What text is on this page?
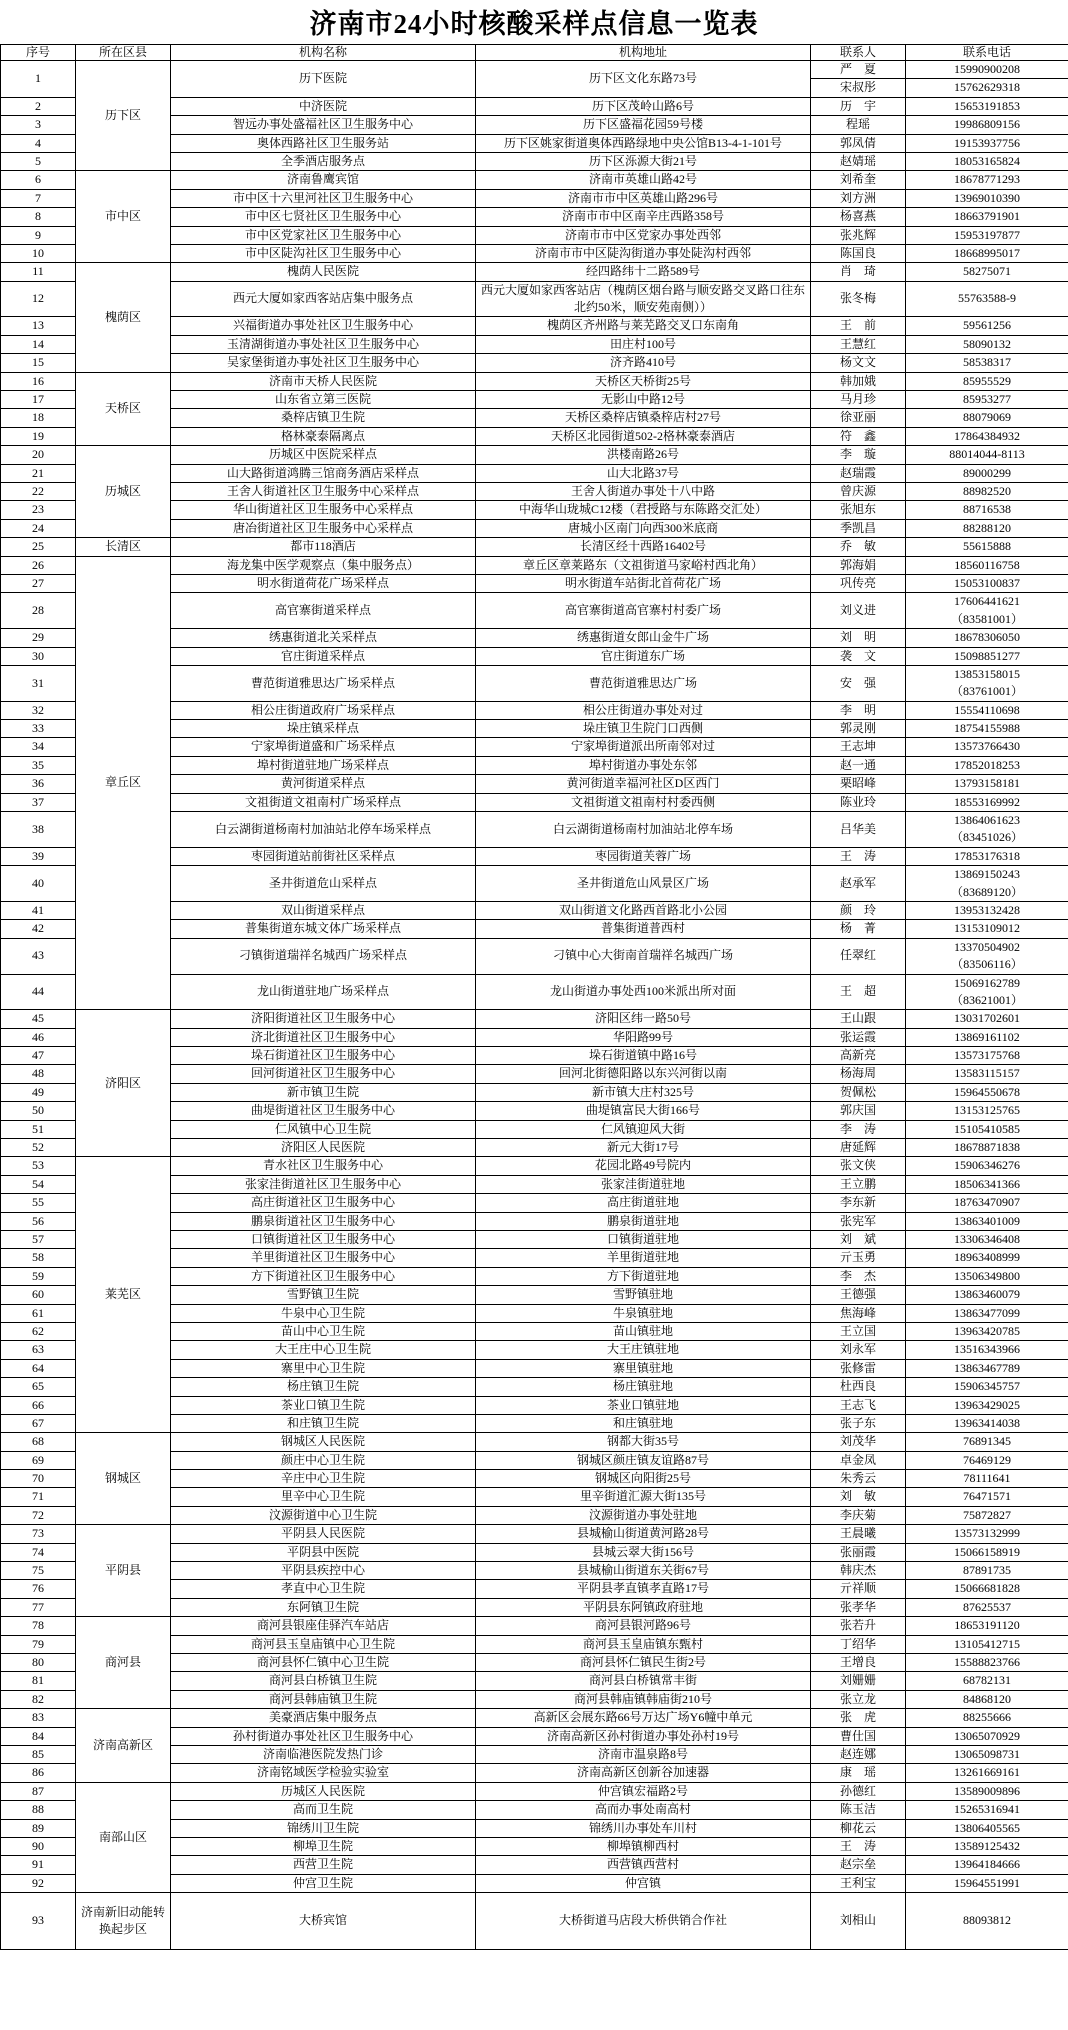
济南市24小时核酸采样点信息一览表
序号	所在区县	机构名称	机构地址	联系人	联系电话
1	历下区	历下医院	历下区文化东路73号	严　夏	15990900208

				宋叔彤	15762629318

2		中济医院	历下区茂岭山路6号	历　宇	15653191853

3		智远办事处盛福社区卫生服务中心	历下区盛福花园59号楼	程瑶	19986809156

4		奥体西路社区卫生服务站	历下区姚家街道奥体西路绿地中央公馆B13-4-1-101号	郭凤倩	19153937756

5		全季酒店服务点	历下区泺源大街21号	赵婧瑶	18053165824

6	市中区	济南鲁鹰宾馆	济南市英雄山路42号	刘希奎	18678771293

7		市中区十六里河社区卫生服务中心	济南市市中区英雄山路296号	刘方洲	13969010390

8		市中区七贤社区卫生服务中心	济南市市中区南辛庄西路358号	杨喜燕	18663791901

9		市中区党家社区卫生服务中心	济南市市中区党家办事处西邻	张兆辉	15953197877

10		市中区陡沟社区卫生服务中心	济南市市中区陡沟街道办事处陡沟村西邻	陈国良	18668995017

11	槐荫区	槐荫人民医院	经四路纬十二路589号	肖　琦	58275071

12		西元大厦如家西客站店集中服务点	西元大厦如家西客站店（槐荫区烟台路与顺安路交叉路口往东北约50米，顺安苑南侧））	张冬梅	55763588-9

13		兴福街道办事处社区卫生服务中心	槐荫区齐州路与莱芜路交叉口东南角	王　前	59561256

14		玉清湖街道办事处社区卫生服务中心	田庄村100号	王慧红	58090132

15		吴家堡街道办事处社区卫生服务中心	济齐路410号	杨文文	58538317

16	天桥区	济南市天桥人民医院	天桥区天桥街25号	韩加娥	85955529

17		山东省立第三医院	无影山中路12号	马月珍	85953277

18		桑梓店镇卫生院	天桥区桑梓店镇桑梓店村27号	徐亚丽	88079069

19		格林豪泰隔离点	天桥区北园街道502-2格林豪泰酒店	符　鑫	17864384932

20	历城区	历城区中医院采样点	洪楼南路26号	李　璇	88014044-8113

21		山大路街道鸿腾三馆商务酒店采样点	山大北路37号	赵瑞霞	89000299

22		王舍人街道社区卫生服务中心采样点	王舍人街道办事处十八中路	曾庆源	88982520

23		华山街道社区卫生服务中心采样点	中海华山珑城C12楼（君授路与东陈路交汇处）	张旭东	88716538

24		唐冶街道社区卫生服务中心采样点	唐城小区南门向西300米底商	季凯昌	88288120

25	长清区	都市118酒店	长清区经十西路16402号	乔　敏	55615888

26	章丘区	海龙集中医学观察点（集中服务点）	章丘区章莱路东（文祖街道马家峪村西北角）	郭海娟	18560116758

27		明水街道荷花广场采样点	明水街道车站街北首荷花广场	巩传亮	15053100837

28		高官寨街道采样点	高官寨街道高官寨村村委广场	刘义进	17606441621
（83581001）

29		绣惠街道北关采样点	绣惠街道女郎山金牛广场	刘　明	18678306050

30		官庄街道采样点	官庄街道东广场	袭　文	15098851277

31		曹范街道雅思达广场采样点	曹范街道雅思达广场	安　强	13853158015
（83761001）

32		相公庄街道政府广场采样点	相公庄街道办事处对过	李　明	15554110698

33		垛庄镇采样点	垛庄镇卫生院门口西侧	郭灵刚	18754155988

34		宁家埠街道盛和广场采样点	宁家埠街道派出所南邻对过	王志坤	13573766430

35		埠村街道驻地广场采样点	埠村街道办事处东邻	赵一通	17852018253

36		黄河街道采样点	黄河街道幸福河社区D区西门	栗昭峰	13793158181

37		文祖街道文祖南村广场采样点	文祖街道文祖南村村委西侧	陈业玲	18553169992

38		白云湖街道杨南村加油站北停车场采样点	白云湖街道杨南村加油站北停车场	吕华美	13864061623
（83451026）

39		枣园街道站前街社区采样点	枣园街道芙蓉广场	王　涛	17853176318

40		圣井街道危山采样点	圣井街道危山风景区广场	赵承军	13869150243
（83689120）

41		双山街道采样点	双山街道文化路西首路北小公园	颜　玲	13953132428

42		普集街道东城文体广场采样点	普集街道普西村	杨　菁	13153109012

43		刁镇街道瑞祥名城西广场采样点	刁镇中心大街南首瑞祥名城西广场	任翠红	13370504902
（83506116）

44		龙山街道驻地广场采样点	龙山街道办事处西100米派出所对面	王　超	15069162789
（83621001）

45	济阳区	济阳街道社区卫生服务中心	济阳区纬一路50号	王山跟	13031702601

46		济北街道社区卫生服务中心	华阳路99号	张运霞	13869161102

47		垛石街道社区卫生服务中心	垛石街道镇中路16号	高新亮	13573175768

48		回河街道社区卫生服务中心	回河北街德阳路以东兴河街以南	杨海周	13583115157

49		新市镇卫生院	新市镇大庄村325号	贺佩松	15964550678

50		曲堤街道社区卫生服务中心	曲堤镇富民大街166号	郭庆国	13153125765

51		仁风镇中心卫生院	仁风镇迎风大街	李　涛	15105410585

52		济阳区人民医院	新元大街17号	唐延辉	18678871838

53	莱芜区	青水社区卫生服务中心	花园北路49号院内	张文侠	15906346276

54		张家洼街道社区卫生服务中心	张家洼街道驻地	王立鹏	18506341366

55		高庄街道社区卫生服务中心	高庄街道驻地	李东新	18763470907

56		鹏泉街道社区卫生服务中心	鹏泉街道驻地	张宪军	13863401009

57		口镇街道社区卫生服务中心	口镇街道驻地	刘　斌	13306346408

58		羊里街道社区卫生服务中心	羊里街道驻地	亓玉勇	18963408999

59		方下街道社区卫生服务中心	方下街道驻地	李　杰	13506349800

60		雪野镇卫生院	雪野镇驻地	王德强	13863460079

61		牛泉中心卫生院	牛泉镇驻地	焦海峰	13863477099

62		苗山中心卫生院	苗山镇驻地	王立国	13963420785

63		大王庄中心卫生院	大王庄镇驻地	刘永军	13516343966

64		寨里中心卫生院	寨里镇驻地	张修雷	13863467789

65		杨庄镇卫生院	杨庄镇驻地	杜西良	15906345757

66		茶业口镇卫生院	茶业口镇驻地	王志飞	13963429025

67		和庄镇卫生院	和庄镇驻地	张子东	13963414038

68	钢城区	钢城区人民医院	钢都大街35号	刘茂华	76891345

69		颜庄中心卫生院	钢城区颜庄镇友谊路87号	卓金凤	76469129

70		辛庄中心卫生院	钢城区向阳街25号	朱秀云	78111641

71		里辛中心卫生院	里辛街道汇源大街135号	刘　敏	76471571

72		汶源街道中心卫生院	汶源街道办事处驻地	李庆菊	75872827

73	平阴县	平阴县人民医院	县城榆山街道黄河路28号	王晨曦	13573132999

74		平阴县中医院	县城云翠大街156号	张丽霞	15066158919

75		平阴县疾控中心	县城榆山街道东关街67号	韩庆杰	87891735

76		孝直中心卫生院	平阴县孝直镇孝直路17号	亓祥顺	15066681828

77		东阿镇卫生院	平阴县东阿镇政府驻地	张孝华	87625537

78	商河县	商河县银座佳驿汽车站店	商河县银河路96号	张若升	18653191120

79		商河县玉皇庙镇中心卫生院	商河县玉皇庙镇东甄村	丁绍华	13105412715

80		商河县怀仁镇中心卫生院	商河县怀仁镇民生街2号	王增良	15588823766

81		商河县白桥镇卫生院	商河县白桥镇常丰街	刘姗姗	68782131

82		商河县韩庙镇卫生院	商河县韩庙镇韩庙街210号	张立龙	84868120

83	济南高新区	美豪酒店集中服务点	高新区会展东路66号万达广场Y6幢中单元	张　虎	88255666

84		孙村街道办事处社区卫生服务中心	济南高新区孙村街道办事处孙村19号	曹仕国	13065070929

85		济南临港医院发热门诊	济南市温泉路8号	赵连娜	13065098731

86		济南铭域医学检验实验室	济南高新区创新谷加速器	康　瑶	13261669161

87	南部山区	历城区人民医院	仲宫镇宏福路2号	孙德红	13589009896

88		高而卫生院	高而办事处南高村	陈玉洁	15265316941

89		锦绣川卫生院	锦绣川办事处车川村	柳花云	13806405565

90		柳埠卫生院	柳埠镇柳西村	王　涛	13589125432

91		西营卫生院	西营镇西营村	赵宗垒	13964184666

92		仲宫卫生院	仲宫镇	王利宝	15964551991

93	济南新旧动能转换起步区	大桥宾馆	大桥街道马店段大桥供销合作社	刘相山	88093812
